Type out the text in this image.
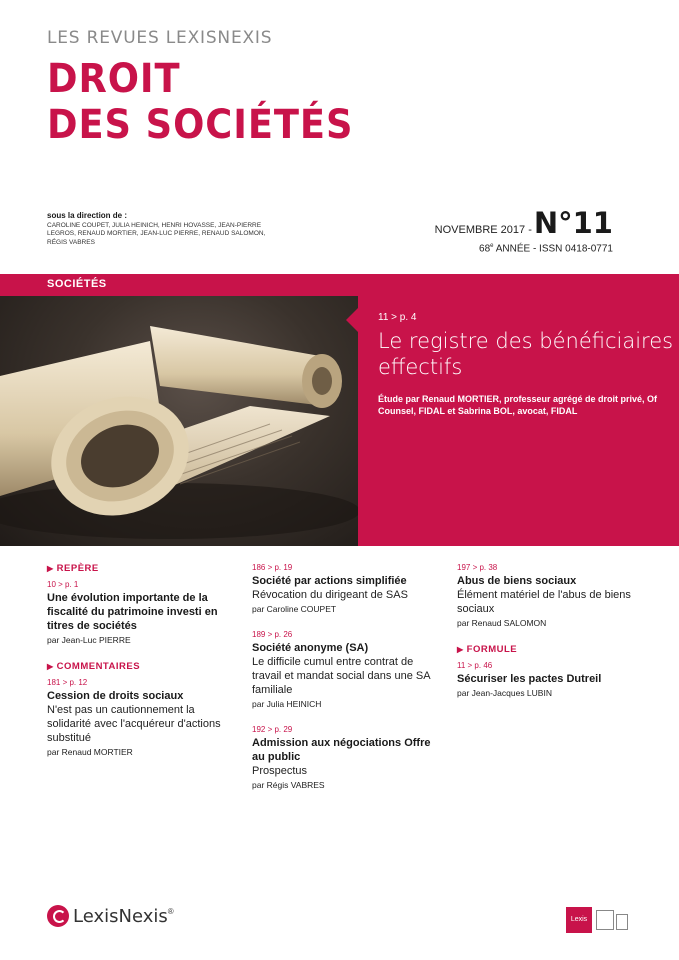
LES REVUES LEXISNEXIS
DROIT
DES SOCIÉTÉS
sous la direction de :
CAROLINE COUPET, JULIA HEINICH, HENRI HOVASSE, JEAN-PIERRE LEGROS, RENAUD MORTIER, JEAN-LUC PIERRE, RENAUD SALOMON, RÉGIS VABRES
NOVEMBRE 2017 -N°11
68e ANNÉE - ISSN 0418-0771
SOCIÉTÉS
11 > p. 4
Le registre des bénéficiaires effectifs
Étude par Renaud MORTIER, professeur agrégé de droit privé, Of Counsel, FIDAL et Sabrina BOL, avocat, FIDAL
▶ REPÈRE
10 > p. 1
Une évolution importante de la fiscalité du patrimoine investi en titres de sociétés
par Jean-Luc PIERRE
▶ COMMENTAIRES
181 > p. 12
Cession de droits sociaux
N'est pas un cautionnement la solidarité avec l'acquéreur d'actions substitué
par Renaud MORTIER
186 > p. 19
Société par actions simplifiée
Révocation du dirigeant de SAS
par Caroline COUPET
189 > p. 26
Société anonyme (SA)
Le difficile cumul entre contrat de travail et mandat social dans une SA familiale
par Julia HEINICH
192 > p. 29
Admission aux négociations Offre au public
Prospectus
par Régis VABRES
197 > p. 38
Abus de biens sociaux
Élément matériel de l'abus de biens sociaux
par Renaud SALOMON
▶ FORMULE
11 > p. 46
Sécuriser les pactes Dutreil
par Jean-Jacques LUBIN
LexisNexis®
Lexis
